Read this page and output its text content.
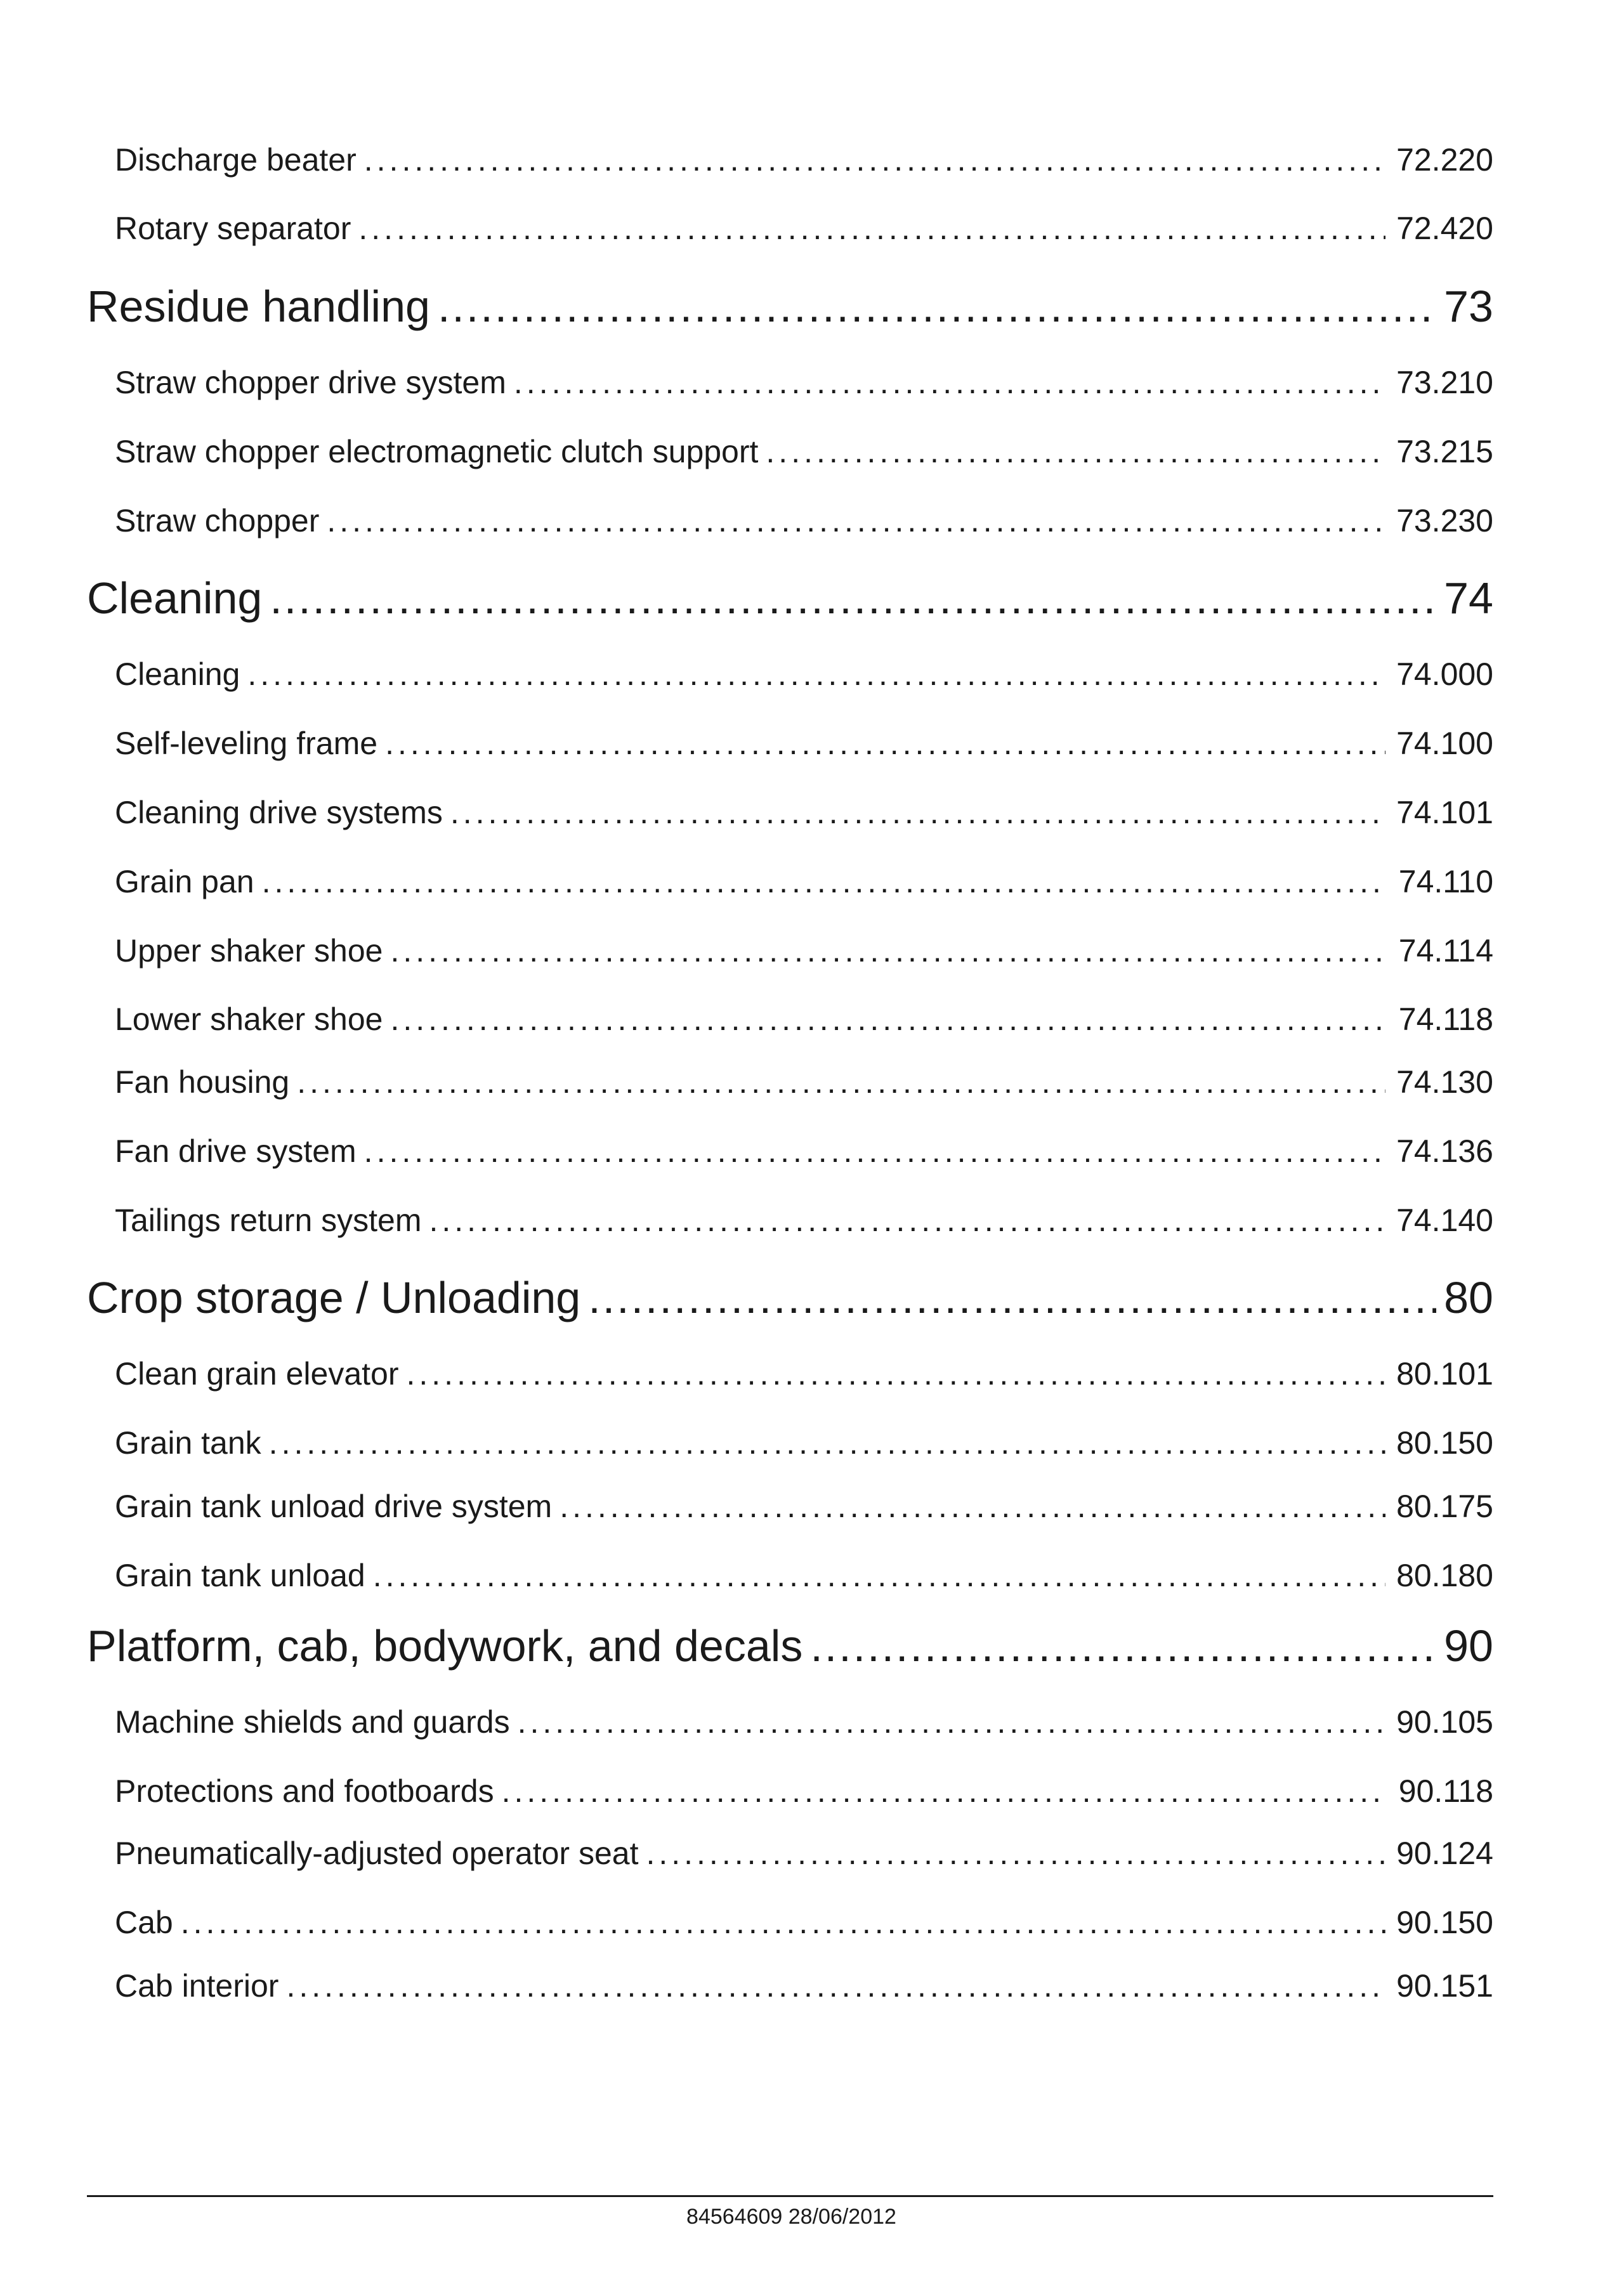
Discharge beater .....	72.220
Rotary separator .....	72.420
Residue handling .....	73
Straw chopper drive system .....	73.210
Straw chopper electromagnetic clutch support .....	73.215
Straw chopper .....	73.230
Cleaning .....	74
Cleaning .....	74.000
Self-leveling frame .....	74.100
Cleaning drive systems .....	74.101
Grain pan .....	74.110
Upper shaker shoe .....	74.114
Lower shaker shoe .....	74.118
Fan housing .....	74.130
Fan drive system .....	74.136
Tailings return system .....	74.140
Crop storage / Unloading .....	80
Clean grain elevator .....	80.101
Grain tank .....	80.150
Grain tank unload drive system .....	80.175
Grain tank unload .....	80.180
Platform, cab, bodywork, and decals .....	90
Machine shields and guards .....	90.105
Protections and footboards .....	90.118
Pneumatically-adjusted operator seat .....	90.124
Cab .....	90.150
Cab interior .....	90.151
84564609 28/06/2012
